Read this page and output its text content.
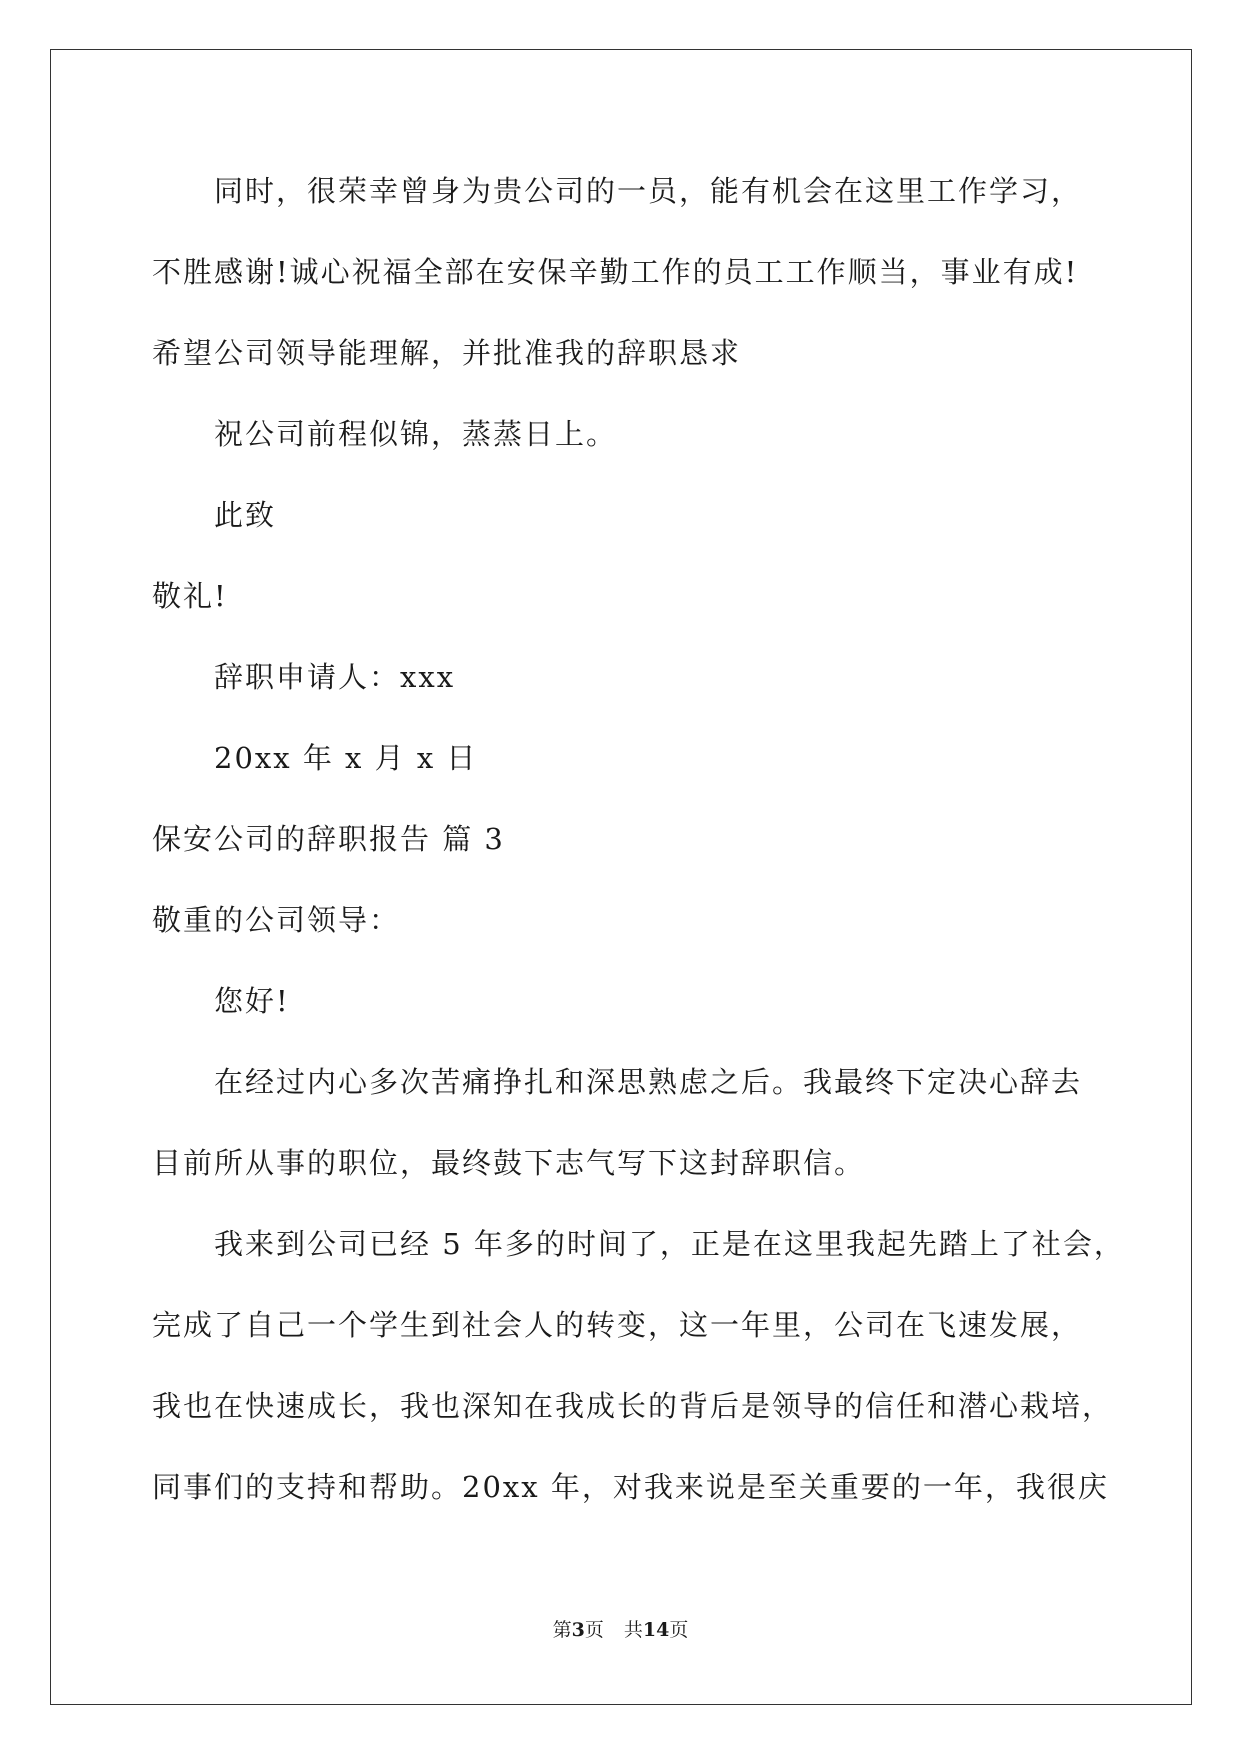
同时，很荣幸曾身为贵公司的一员，能有机会在这里工作学习，
不胜感谢!诚心祝福全部在安保辛勤工作的员工工作顺当，事业有成!
希望公司领导能理解，并批准我的辞职恳求
祝公司前程似锦，蒸蒸日上。
此致
敬礼!
辞职申请人：xxx
20xx 年 x 月 x 日
保安公司的辞职报告 篇 3
敬重的公司领导：
您好!
在经过内心多次苦痛挣扎和深思熟虑之后。我最终下定决心辞去
目前所从事的职位，最终鼓下志气写下这封辞职信。
我来到公司已经 5 年多的时间了，正是在这里我起先踏上了社会，
完成了自己一个学生到社会人的转变，这一年里，公司在飞速发展，
我也在快速成长，我也深知在我成长的背后是领导的信任和潜心栽培，
同事们的支持和帮助。20xx 年，对我来说是至关重要的一年，我很庆
第3页 共14页
